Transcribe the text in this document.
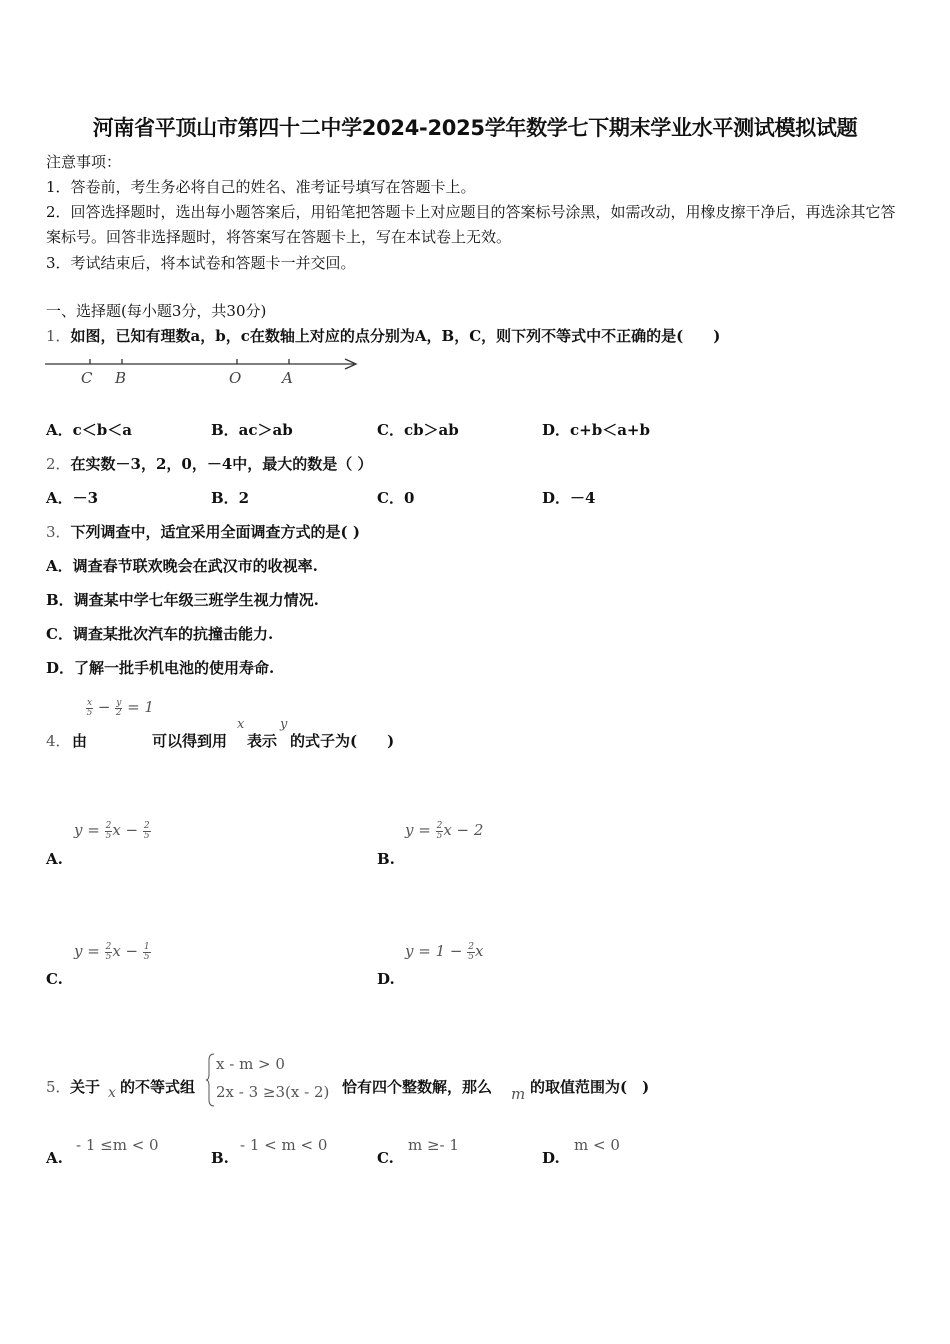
河南省平顶山市第四十二中学2024-2025学年数学七下期末学业水平测试模拟试题
注意事项：
1．答卷前，考生务必将自己的姓名、准考证号填写在答题卡上。
2．回答选择题时，选出每小题答案后，用铅笔把答题卡上对应题目的答案标号涂黑，如需改动，用橡皮擦干净后，再选涂其它答案标号。回答非选择题时，将答案写在答题卡上，写在本试卷上无效。
3．考试结束后，将本试卷和答题卡一并交回。
一、选择题(每小题3分，共30分)
1．如图，已知有理数a，b，c在数轴上对应的点分别为A，B，C，则下列不等式中不正确的是(　　)
C B	O	A
A．c＜b＜a	B．ac＞ab	C．cb＞ab	D．c+b＜a+b
2．在实数－3，2，0，－4中，最大的数是（ ）
A．－3	B．2	C．0	D．－4
3．下列调查中，适宜采用全面调查方式的是( )
A．调查春节联欢晚会在武汉市的收视率.
B．调查某中学七年级三班学生视力情况.
C．调查某批次汽车的抗撞击能力.
D．了解一批手机电池的使用寿命.
$\frac{x}{5} - \frac{y}{2} = 1$
4． 由	可以得到用
x
表示
y
的式子为(　　)
$y = \frac{2}{5}$ $x - \frac{2}{5}$
A.
$y = \frac{2}{5}$ x − 2
B.
$y = \frac{2}{5}$ $x - \frac{1}{5}$
C.
$y = 1 - \frac{2}{5}$ x
D.
5． 关于 x 的不等式组
x - m > 0
2x - 3 ≥3(x - 2) 恰有四个整数解，那么 m 的取值范围为(　)
- 1 ≤m < 0
A.
- 1 < m < 0
B.
m ≥- 1
C.
m < 0
D.
